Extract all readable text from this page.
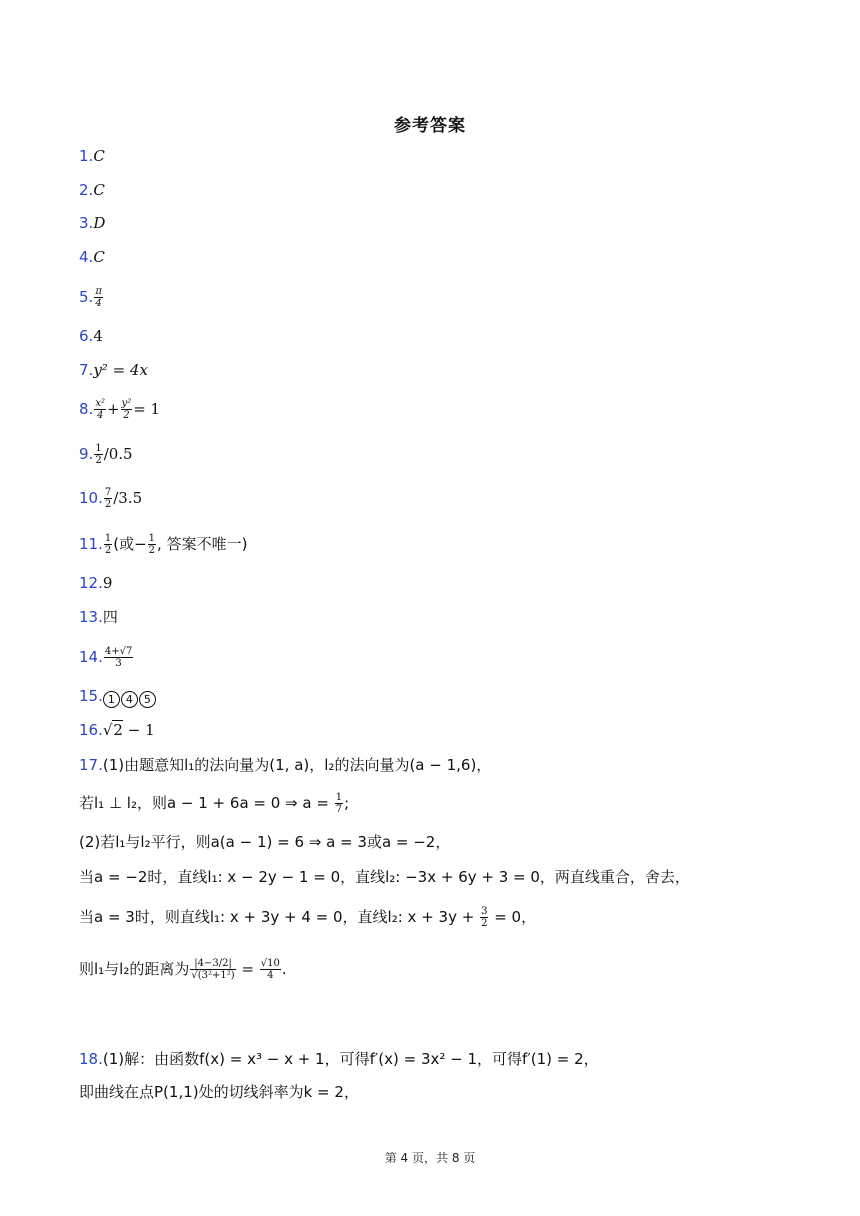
参考答案
1.C
2.C
3.D
4.C
5. $\frac{\pi}{4}$
6.4
7.y² = 4x
8. $\frac{\text{x²}}{4} + \frac{\text{y²}}{2} = 1$
9. $\frac{1}{2} /0.5$
10. $\frac{7}{2} /3.5$
11. $\frac{1}{2}$ (或− $\frac{1}{2}$ , 答案不唯一)
12.9
13.四
14. $\frac{4+√7}{3}$
15. 1 4 5
16.√2 − 1
17.(1)由题意知l₁的法向量为(1, a)，l₂的法向量为(a − 1,6)，
若l₁ ⊥ l₂，则a − 1 + 6a = 0 ⇒ $a = \frac{1}{7}$ ;
(2)若l₁与l₂平行，则a(a − 1) = 6 ⇒ a = 3或a = −2，
当a = −2时，直线l₁: x − 2y − 1 = 0，直线l₂: −3x + 6y + 3 = 0，两直线重合，舍去，
当a = 3时，则直线l₁: x + 3y + 4 = 0，直线l₂: $x + 3y + \frac{3}{2} = 0$，
则l₁与l₂的距离为 $\frac{|4-3/2|}{\text{√(3²+1²)}} = \frac{√10}{4}$ .
18.(1)解：由函数f(x) = x³ − x + 1，可得f′(x) = 3x² − 1，可得f′(1) = 2，
即曲线在点P(1,1)处的切线斜率为k = 2，
第 4 页，共 8 页
